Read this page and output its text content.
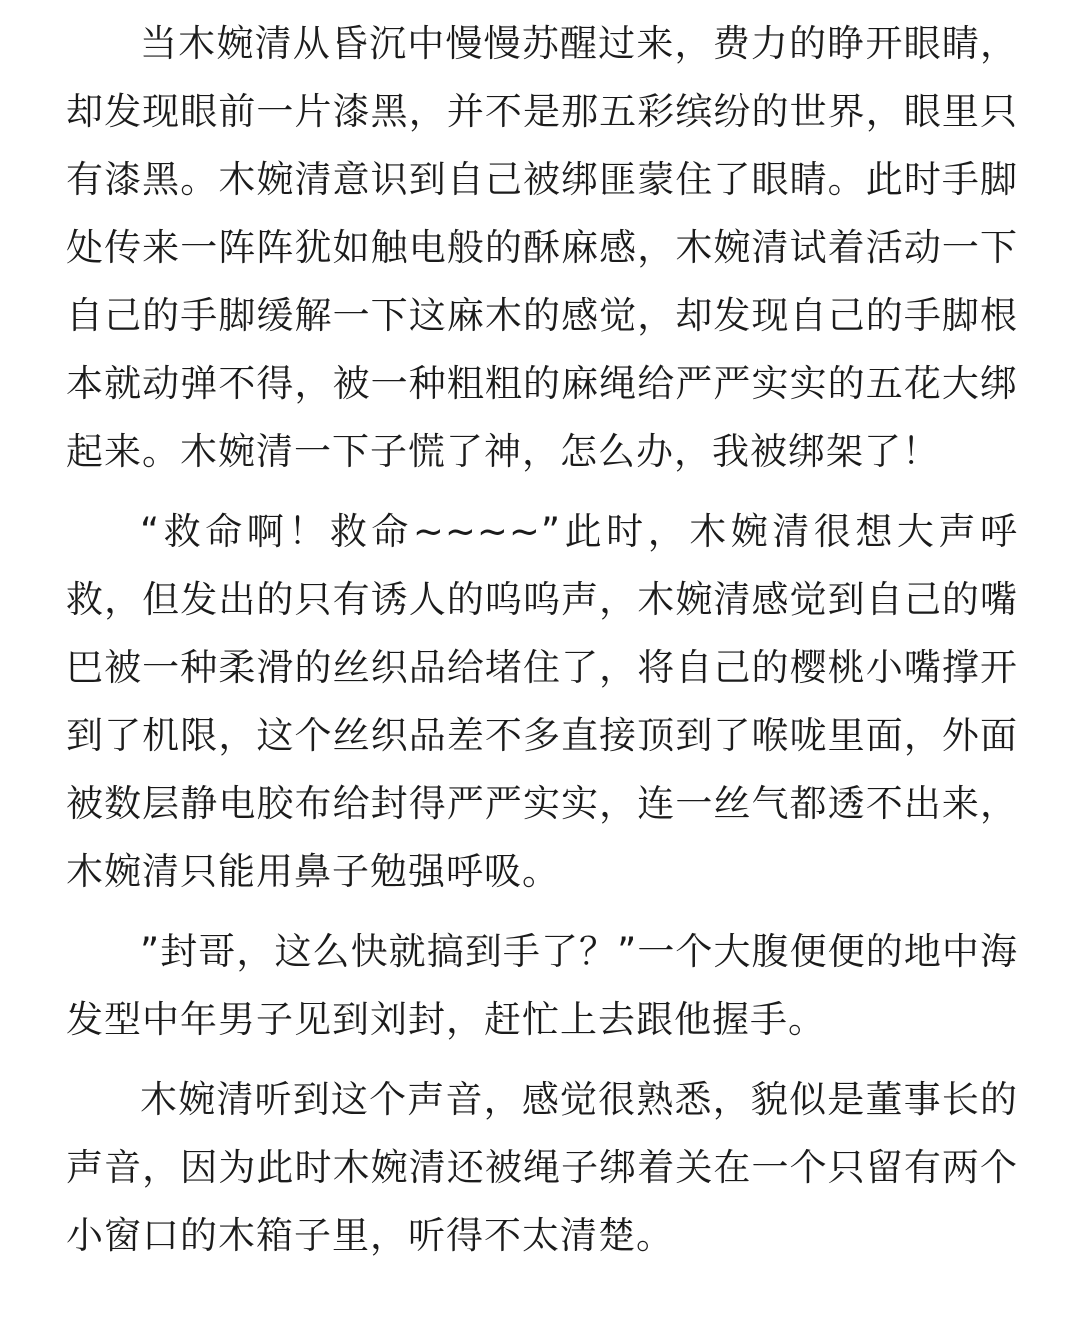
当木婉清从昏沉中慢慢苏醒过来，费力的睁开眼睛，却发现眼前一片漆黑，并不是那五彩缤纷的世界，眼里只有漆黑。木婉清意识到自己被绑匪蒙住了眼睛。此时手脚处传来一阵阵犹如触电般的酥麻感，木婉清试着活动一下自己的手脚缓解一下这麻木的感觉，却发现自己的手脚根本就动弹不得，被一种粗粗的麻绳给严严实实的五花大绑起来。木婉清一下子慌了神，怎么办，我被绑架了！

“救命啊！救命~~~~”此时，木婉清很想大声呼救，但发出的只有诱人的呜呜声，木婉清感觉到自己的嘴巴被一种柔滑的丝织品给堵住了，将自己的樱桃小嘴撑开到了机限，这个丝织品差不多直接顶到了喉咙里面，外面被数层静电胶布给封得严严实实，连一丝气都透不出来，木婉清只能用鼻子勉强呼吸。

”封哥，这么快就搞到手了？”一个大腹便便的地中海发型中年男子见到刘封，赶忙上去跟他握手。

木婉清听到这个声音，感觉很熟悉，貌似是董事长的声音，因为此时木婉清还被绳子绑着关在一个只留有两个小窗口的木箱子里，听得不太清楚。
